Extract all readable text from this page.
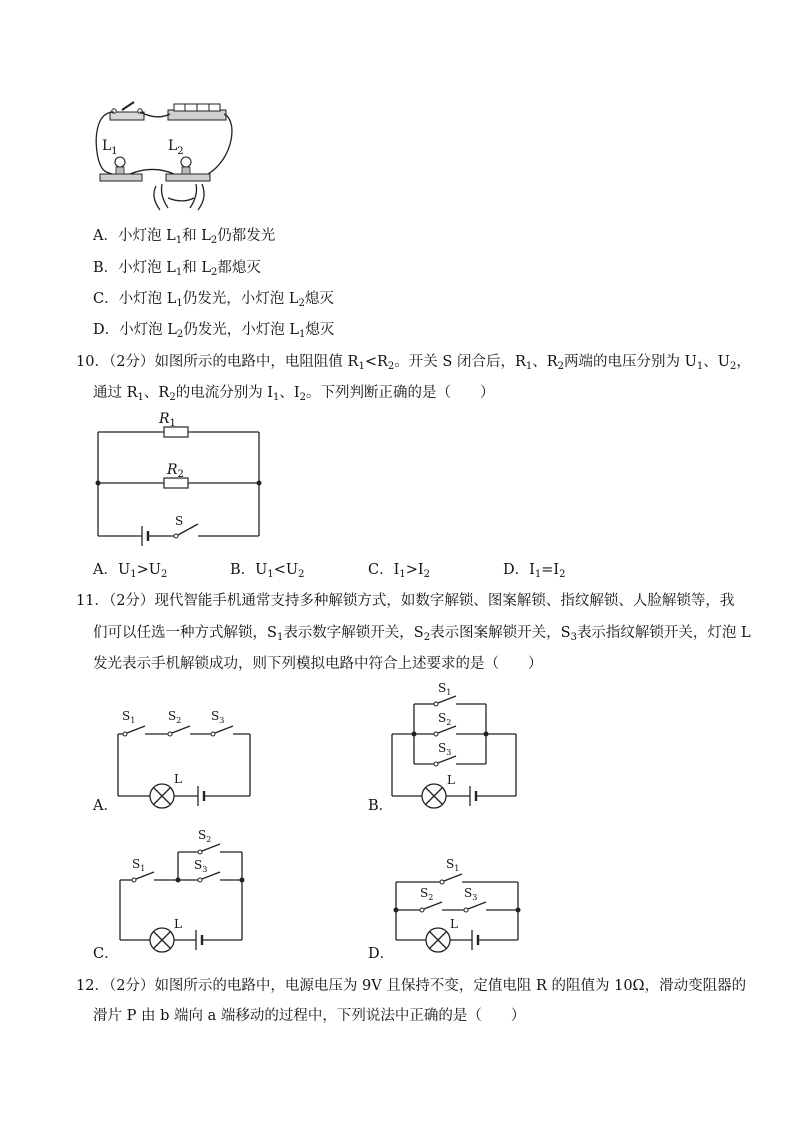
$L_1$	$L_2$
A．小灯泡 $L_1$和 $L_2$仍都发光
B．小灯泡 $L_1$和 $L_2$都熄灭
C．小灯泡 $L_1$仍发光，小灯泡 $L_2$熄灭
D．小灯泡 $L_2$仍发光，小灯泡 $L_1$熄灭
10．（2分）如图所示的电路中，电阻阻值 $R_1<R_2$。开关 S 闭合后，$R_1$、$R_2$两端的电压分别为 $U_1$、$U_2$，
通过 $R_1$、$R_2$的电流分别为 $I_1$、$I_2$。下列判断正确的是（　　）
$R_1$
$R_2$
S
A．$U_1>U_2$	B．$U_1<U_2$	C．$I_1>I_2$	D．$I_1=I_2$
11．（2分）现代智能手机通常支持多种解锁方式，如数字解锁、图案解锁、指纹解锁、人脸解锁等，我
们可以任选一种方式解锁，$S_1$表示数字解锁开关，$S_2$表示图案解锁开关，$S_3$表示指纹解锁开关，灯泡 L
发光表示手机解锁成功，则下列模拟电路中符合上述要求的是（　　）
$S_1$	$S_2$ $S_3$
L
A．
$S_1$
$S_2$
$S_3$
L
B．
$S_1$
$S_2$
$S_3$
L
C．
$S_1$
$S_2$	$S_3$
L
D．
12．（2分）如图所示的电路中，电源电压为 9V 且保持不变，定值电阻 R 的阻值为 10Ω，滑动变阻器的
滑片 P 由 b 端向 a 端移动的过程中，下列说法中正确的是（　　）
